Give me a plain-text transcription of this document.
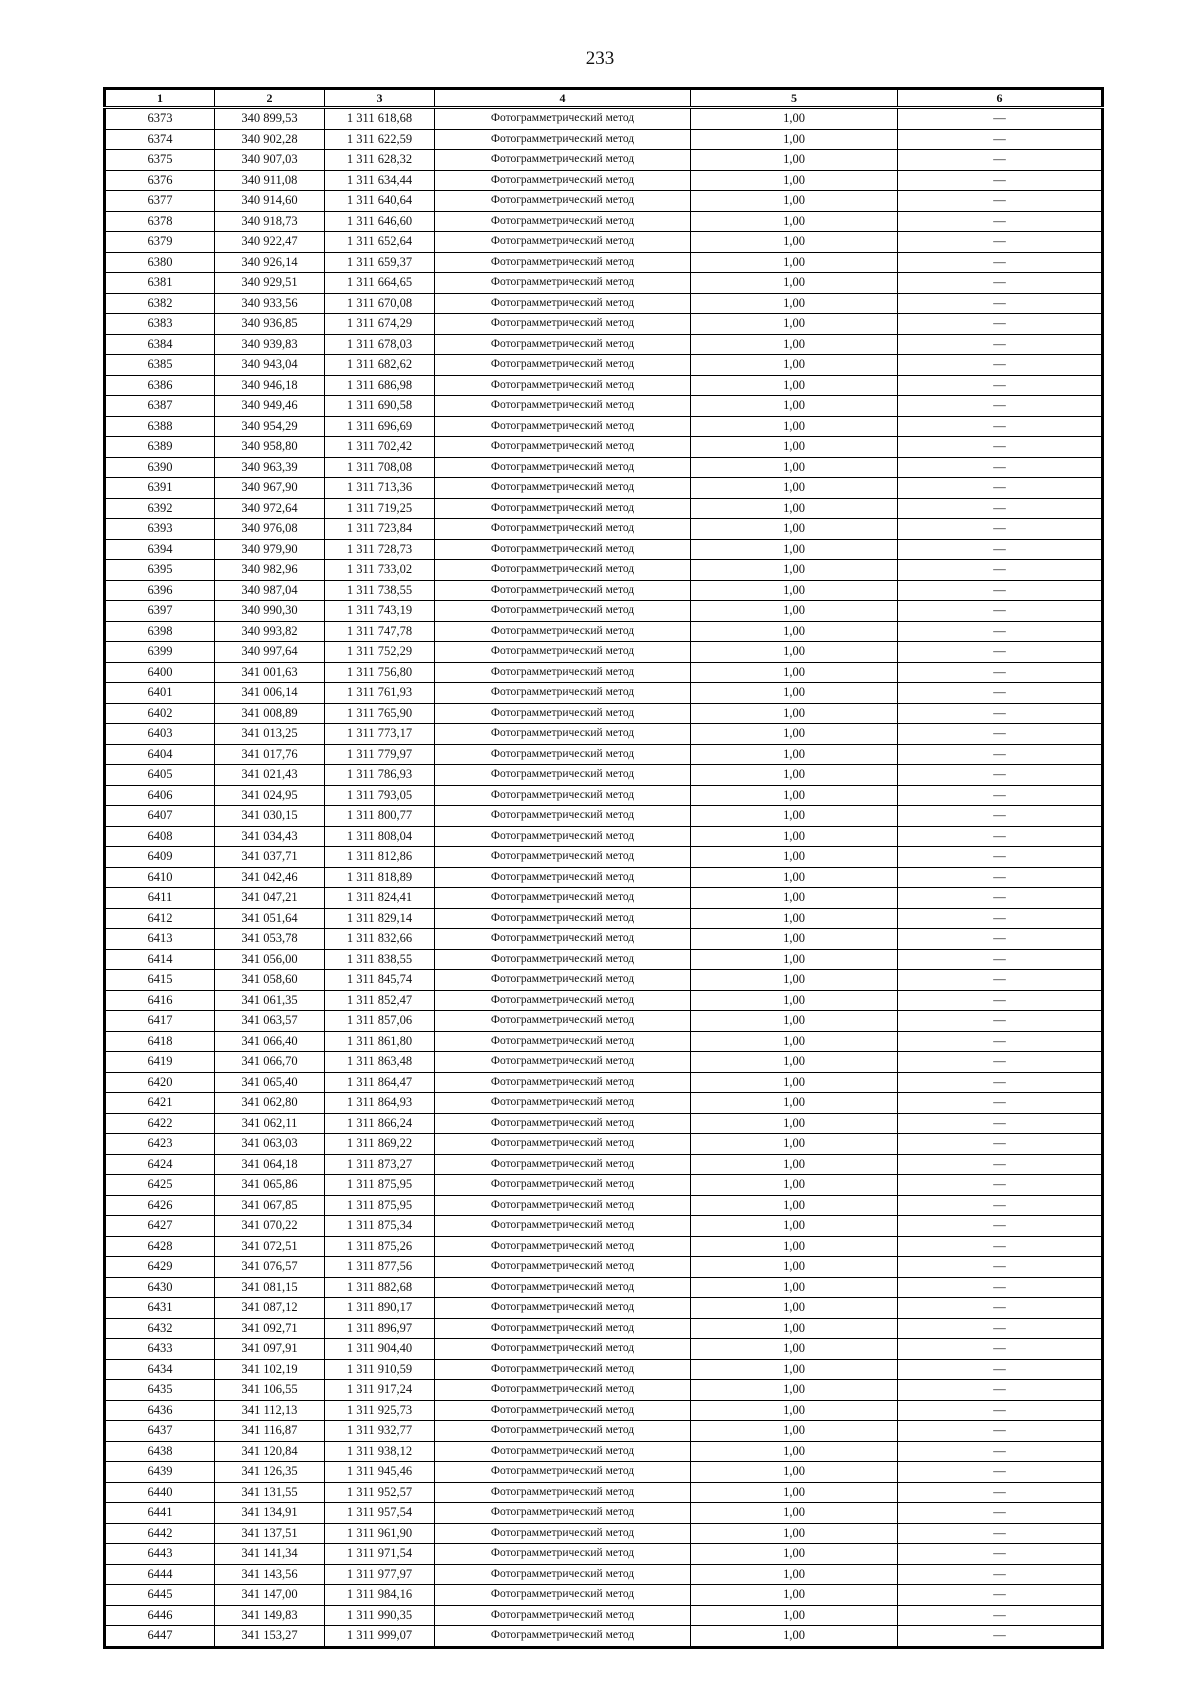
233
1	2	3	4	5	6
6373	340 899,53	1 311 618,68	Фотограмметрический метод	1,00	—
6374	340 902,28	1 311 622,59	Фотограмметрический метод	1,00	—
6375	340 907,03	1 311 628,32	Фотограмметрический метод	1,00	—
6376	340 911,08	1 311 634,44	Фотограмметрический метод	1,00	—
6377	340 914,60	1 311 640,64	Фотограмметрический метод	1,00	—
6378	340 918,73	1 311 646,60	Фотограмметрический метод	1,00	—
6379	340 922,47	1 311 652,64	Фотограмметрический метод	1,00	—
6380	340 926,14	1 311 659,37	Фотограмметрический метод	1,00	—
6381	340 929,51	1 311 664,65	Фотограмметрический метод	1,00	—
6382	340 933,56	1 311 670,08	Фотограмметрический метод	1,00	—
6383	340 936,85	1 311 674,29	Фотограмметрический метод	1,00	—
6384	340 939,83	1 311 678,03	Фотограмметрический метод	1,00	—
6385	340 943,04	1 311 682,62	Фотограмметрический метод	1,00	—
6386	340 946,18	1 311 686,98	Фотограмметрический метод	1,00	—
6387	340 949,46	1 311 690,58	Фотограмметрический метод	1,00	—
6388	340 954,29	1 311 696,69	Фотограмметрический метод	1,00	—
6389	340 958,80	1 311 702,42	Фотограмметрический метод	1,00	—
6390	340 963,39	1 311 708,08	Фотограмметрический метод	1,00	—
6391	340 967,90	1 311 713,36	Фотограмметрический метод	1,00	—
6392	340 972,64	1 311 719,25	Фотограмметрический метод	1,00	—
6393	340 976,08	1 311 723,84	Фотограмметрический метод	1,00	—
6394	340 979,90	1 311 728,73	Фотограмметрический метод	1,00	—
6395	340 982,96	1 311 733,02	Фотограмметрический метод	1,00	—
6396	340 987,04	1 311 738,55	Фотограмметрический метод	1,00	—
6397	340 990,30	1 311 743,19	Фотограмметрический метод	1,00	—
6398	340 993,82	1 311 747,78	Фотограмметрический метод	1,00	—
6399	340 997,64	1 311 752,29	Фотограмметрический метод	1,00	—
6400	341 001,63	1 311 756,80	Фотограмметрический метод	1,00	—
6401	341 006,14	1 311 761,93	Фотограмметрический метод	1,00	—
6402	341 008,89	1 311 765,90	Фотограмметрический метод	1,00	—
6403	341 013,25	1 311 773,17	Фотограмметрический метод	1,00	—
6404	341 017,76	1 311 779,97	Фотограмметрический метод	1,00	—
6405	341 021,43	1 311 786,93	Фотограмметрический метод	1,00	—
6406	341 024,95	1 311 793,05	Фотограмметрический метод	1,00	—
6407	341 030,15	1 311 800,77	Фотограмметрический метод	1,00	—
6408	341 034,43	1 311 808,04	Фотограмметрический метод	1,00	—
6409	341 037,71	1 311 812,86	Фотограмметрический метод	1,00	—
6410	341 042,46	1 311 818,89	Фотограмметрический метод	1,00	—
6411	341 047,21	1 311 824,41	Фотограмметрический метод	1,00	—
6412	341 051,64	1 311 829,14	Фотограмметрический метод	1,00	—
6413	341 053,78	1 311 832,66	Фотограмметрический метод	1,00	—
6414	341 056,00	1 311 838,55	Фотограмметрический метод	1,00	—
6415	341 058,60	1 311 845,74	Фотограмметрический метод	1,00	—
6416	341 061,35	1 311 852,47	Фотограмметрический метод	1,00	—
6417	341 063,57	1 311 857,06	Фотограмметрический метод	1,00	—
6418	341 066,40	1 311 861,80	Фотограмметрический метод	1,00	—
6419	341 066,70	1 311 863,48	Фотограмметрический метод	1,00	—
6420	341 065,40	1 311 864,47	Фотограмметрический метод	1,00	—
6421	341 062,80	1 311 864,93	Фотограмметрический метод	1,00	—
6422	341 062,11	1 311 866,24	Фотограмметрический метод	1,00	—
6423	341 063,03	1 311 869,22	Фотограмметрический метод	1,00	—
6424	341 064,18	1 311 873,27	Фотограмметрический метод	1,00	—
6425	341 065,86	1 311 875,95	Фотограмметрический метод	1,00	—
6426	341 067,85	1 311 875,95	Фотограмметрический метод	1,00	—
6427	341 070,22	1 311 875,34	Фотограмметрический метод	1,00	—
6428	341 072,51	1 311 875,26	Фотограмметрический метод	1,00	—
6429	341 076,57	1 311 877,56	Фотограмметрический метод	1,00	—
6430	341 081,15	1 311 882,68	Фотограмметрический метод	1,00	—
6431	341 087,12	1 311 890,17	Фотограмметрический метод	1,00	—
6432	341 092,71	1 311 896,97	Фотограмметрический метод	1,00	—
6433	341 097,91	1 311 904,40	Фотограмметрический метод	1,00	—
6434	341 102,19	1 311 910,59	Фотограмметрический метод	1,00	—
6435	341 106,55	1 311 917,24	Фотограмметрический метод	1,00	—
6436	341 112,13	1 311 925,73	Фотограмметрический метод	1,00	—
6437	341 116,87	1 311 932,77	Фотограмметрический метод	1,00	—
6438	341 120,84	1 311 938,12	Фотограмметрический метод	1,00	—
6439	341 126,35	1 311 945,46	Фотограмметрический метод	1,00	—
6440	341 131,55	1 311 952,57	Фотограмметрический метод	1,00	—
6441	341 134,91	1 311 957,54	Фотограмметрический метод	1,00	—
6442	341 137,51	1 311 961,90	Фотограмметрический метод	1,00	—
6443	341 141,34	1 311 971,54	Фотограмметрический метод	1,00	—
6444	341 143,56	1 311 977,97	Фотограмметрический метод	1,00	—
6445	341 147,00	1 311 984,16	Фотограмметрический метод	1,00	—
6446	341 149,83	1 311 990,35	Фотограмметрический метод	1,00	—
6447	341 153,27	1 311 999,07	Фотограмметрический метод	1,00	—
